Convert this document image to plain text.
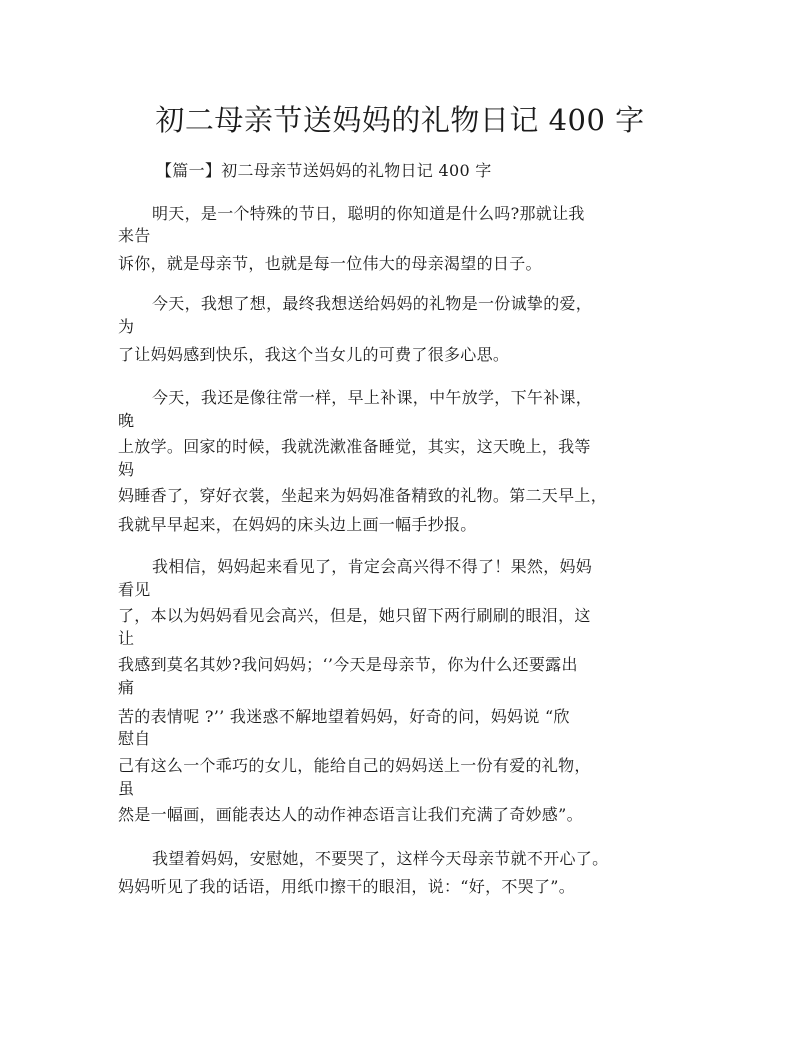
初二母亲节送妈妈的礼物日记 400 字
【篇一】初二母亲节送妈妈的礼物日记 400 字
明天，是一个特殊的节日，聪明的你知道是什么吗?那就让我
来告
诉你，就是母亲节，也就是每一位伟大的母亲渴望的日子。
今天，我想了想，最终我想送给妈妈的礼物是一份诚挚的爱，
为
了让妈妈感到快乐，我这个当女儿的可费了很多心思。
今天，我还是像往常一样，早上补课，中午放学，下午补课，
晚
上放学。回家的时候，我就洗漱准备睡觉，其实，这天晚上，我等
妈
妈睡香了，穿好衣裳，坐起来为妈妈准备精致的礼物。第二天早上，
我就早早起来，在妈妈的床头边上画一幅手抄报。
我相信，妈妈起来看见了，肯定会高兴得不得了！果然，妈妈
看见
了，本以为妈妈看见会高兴，但是，她只留下两行刷刷的眼泪，这
让
我感到莫名其妙?我问妈妈；‘’今天是母亲节，你为什么还要露出
痛
苦的表情呢 ?’’ 我迷惑不解地望着妈妈，好奇的问，妈妈说 “欣
慰自
己有这么一个乖巧的女儿，能给自己的妈妈送上一份有爱的礼物，
虽
然是一幅画，画能表达人的动作神态语言让我们充满了奇妙感”。
我望着妈妈，安慰她，不要哭了，这样今天母亲节就不开心了。
妈妈听见了我的话语，用纸巾擦干的眼泪，说：“好，不哭了”。
